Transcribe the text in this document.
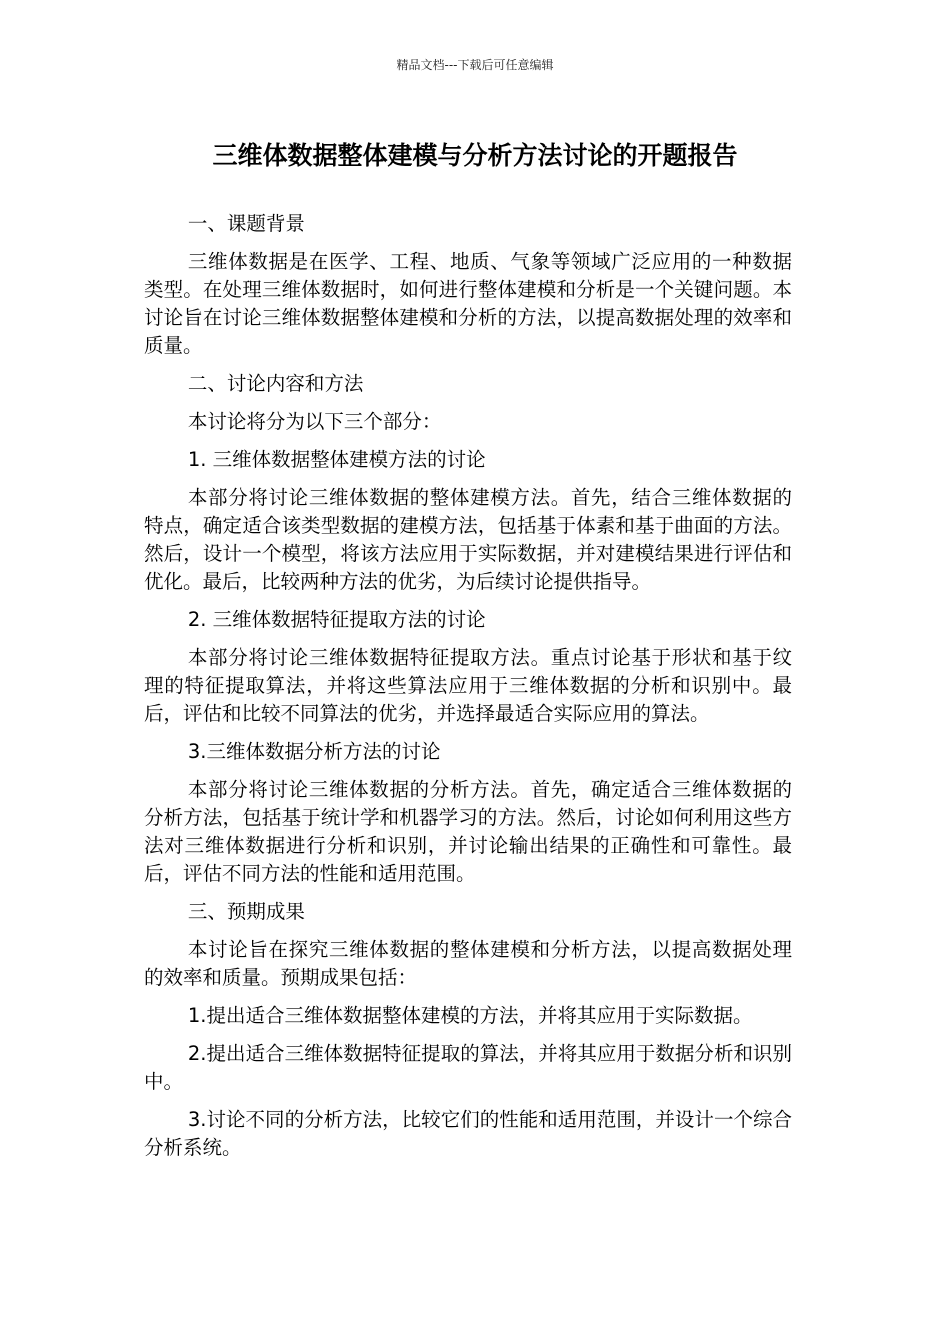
精品文档---下载后可任意编辑
三维体数据整体建模与分析方法讨论的开题报告

一、课题背景

三维体数据是在医学、工程、地质、气象等领域广泛应用的一种数据类型。在处理三维体数据时，如何进行整体建模和分析是一个关键问题。本讨论旨在讨论三维体数据整体建模和分析的方法，以提高数据处理的效率和质量。

二、讨论内容和方法

本讨论将分为以下三个部分：

1. 三维体数据整体建模方法的讨论

本部分将讨论三维体数据的整体建模方法。首先，结合三维体数据的特点，确定适合该类型数据的建模方法，包括基于体素和基于曲面的方法。然后，设计一个模型，将该方法应用于实际数据，并对建模结果进行评估和优化。最后，比较两种方法的优劣，为后续讨论提供指导。

2. 三维体数据特征提取方法的讨论

本部分将讨论三维体数据特征提取方法。重点讨论基于形状和基于纹理的特征提取算法，并将这些算法应用于三维体数据的分析和识别中。最后，评估和比较不同算法的优劣，并选择最适合实际应用的算法。

3.三维体数据分析方法的讨论

本部分将讨论三维体数据的分析方法。首先，确定适合三维体数据的分析方法，包括基于统计学和机器学习的方法。然后，讨论如何利用这些方法对三维体数据进行分析和识别，并讨论输出结果的正确性和可靠性。最后，评估不同方法的性能和适用范围。

三、预期成果

本讨论旨在探究三维体数据的整体建模和分析方法，以提高数据处理的效率和质量。预期成果包括：

1.提出适合三维体数据整体建模的方法，并将其应用于实际数据。

2.提出适合三维体数据特征提取的算法，并将其应用于数据分析和识别中。

3.讨论不同的分析方法，比较它们的性能和适用范围，并设计一个综合分析系统。
